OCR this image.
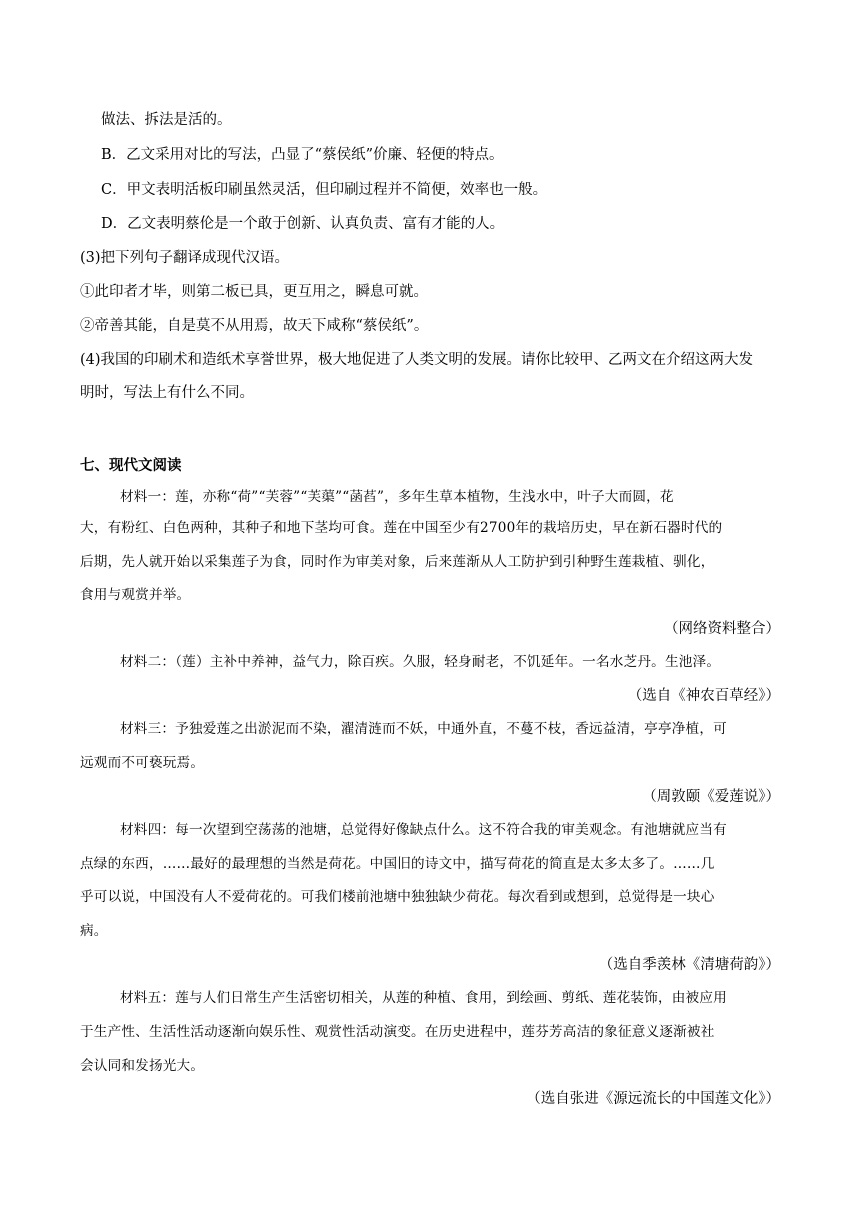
做法、拆法是活的。
B．乙文采用对比的写法，凸显了“蔡侯纸”价廉、轻便的特点。
C．甲文表明活板印刷虽然灵活，但印刷过程并不简便，效率也一般。
D．乙文表明蔡伦是一个敢于创新、认真负责、富有才能的人。
(3)把下列句子翻译成现代汉语。
①此印者才毕，则第二板已具，更互用之，瞬息可就。
②帝善其能，自是莫不从用焉，故天下咸称“蔡侯纸”。
(4)我国的印刷术和造纸术享誉世界，极大地促进了人类文明的发展。请你比较甲、乙两文在介绍这两大发
明时，写法上有什么不同。
七、现代文阅读
材料一：莲，亦称“荷”“芙蓉”“芙蕖”“菡萏”，多年生草本植物，生浅水中，叶子大而圆，花
大，有粉红、白色两种，其种子和地下茎均可食。莲在中国至少有2700年的栽培历史，早在新石器时代的
后期，先人就开始以采集莲子为食，同时作为审美对象，后来莲渐从人工防护到引种野生莲栽植、驯化，
食用与观赏并举。
（网络资料整合）
材料二：（莲）主补中养神，益气力，除百疾。久服，轻身耐老，不饥延年。一名水芝丹。生池泽。
（选自《神农百草经》）
材料三：予独爱莲之出淤泥而不染，濯清涟而不妖，中通外直，不蔓不枝，香远益清，亭亭净植，可
远观而不可亵玩焉。
（周敦颐《爱莲说》）
材料四：每一次望到空荡荡的池塘，总觉得好像缺点什么。这不符合我的审美观念。有池塘就应当有
点绿的东西，……最好的最理想的当然是荷花。中国旧的诗文中，描写荷花的简直是太多太多了。……几
乎可以说，中国没有人不爱荷花的。可我们楼前池塘中独独缺少荷花。每次看到或想到，总觉得是一块心
病。
（选自季羡林《清塘荷韵》）
材料五：莲与人们日常生产生活密切相关，从莲的种植、食用，到绘画、剪纸、莲花装饰，由被应用
于生产性、生活性活动逐渐向娱乐性、观赏性活动演变。在历史进程中，莲芬芳高洁的象征意义逐渐被社
会认同和发扬光大。
（选自张进《源远流长的中国莲文化》）
